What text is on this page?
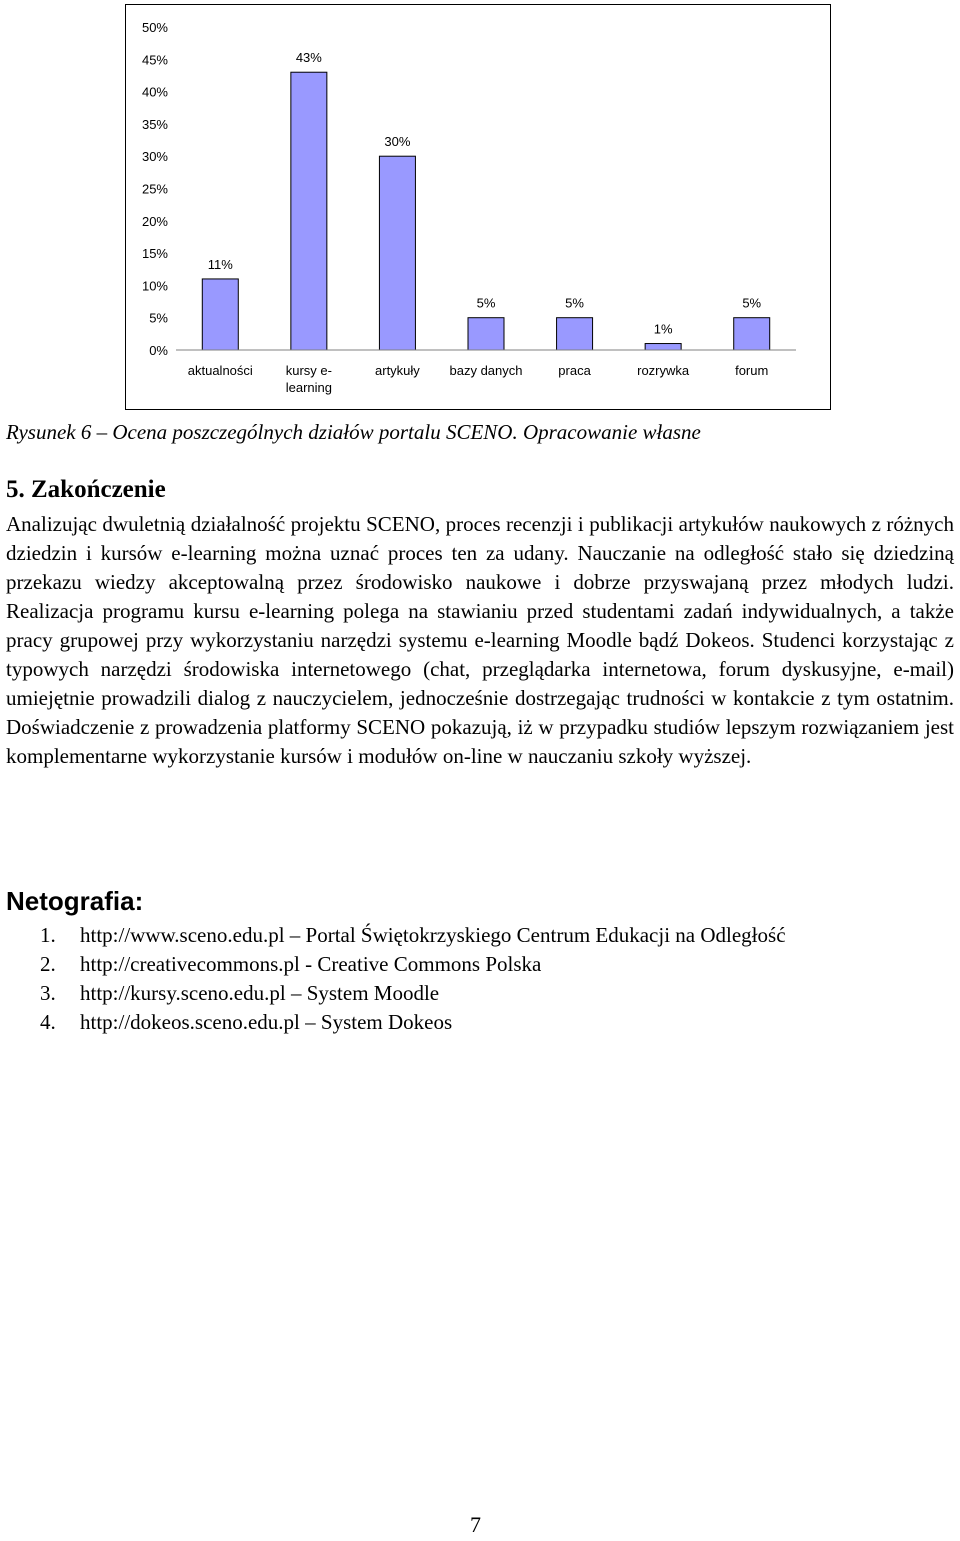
0%
5%
10%
15%
20%
25%
30%
35%
40%
45%
50%
11%
aktualności
43%
kursy e-
learning
30%
artykuły
5%
bazy danych
5%
praca
1%
rozrywka
5%
forum
Rysunek 6 – Ocena poszczególnych działów portalu SCENO. Opracowanie własne
5. Zakończenie

Analizując dwuletnią działalność projektu SCENO, proces recenzji i publikacji artykułów naukowych z różnych dziedzin i kursów e-learning można uznać proces ten za udany. Nauczanie na odległość stało się dziedziną przekazu wiedzy akceptowalną przez środowisko naukowe i dobrze przyswajaną przez młodych ludzi. Realizacja programu kursu e-learning polega na stawianiu przed studentami zadań indywidualnych, a także pracy grupowej przy wykorzystaniu narzędzi systemu e-learning Moodle bądź Dokeos. Studenci korzystając z typowych narzędzi środowiska internetowego (chat, przeglądarka internetowa, forum dyskusyjne, e-mail) umiejętnie prowadzili dialog z nauczycielem, jednocześnie dostrzegając trudności w kontakcie z tym ostatnim. Doświadczenie z prowadzenia platformy SCENO pokazują, iż w przypadku studiów lepszym rozwiązaniem jest komplementarne wykorzystanie kursów i modułów on-line w nauczaniu szkoły wyższej.

Netografia:
1. http://www.sceno.edu.pl – Portal Świętokrzyskiego Centrum Edukacji na Odległość
2. http://creativecommons.pl - Creative Commons Polska
3. http://kursy.sceno.edu.pl – System Moodle
4. http://dokeos.sceno.edu.pl – System Dokeos
7
